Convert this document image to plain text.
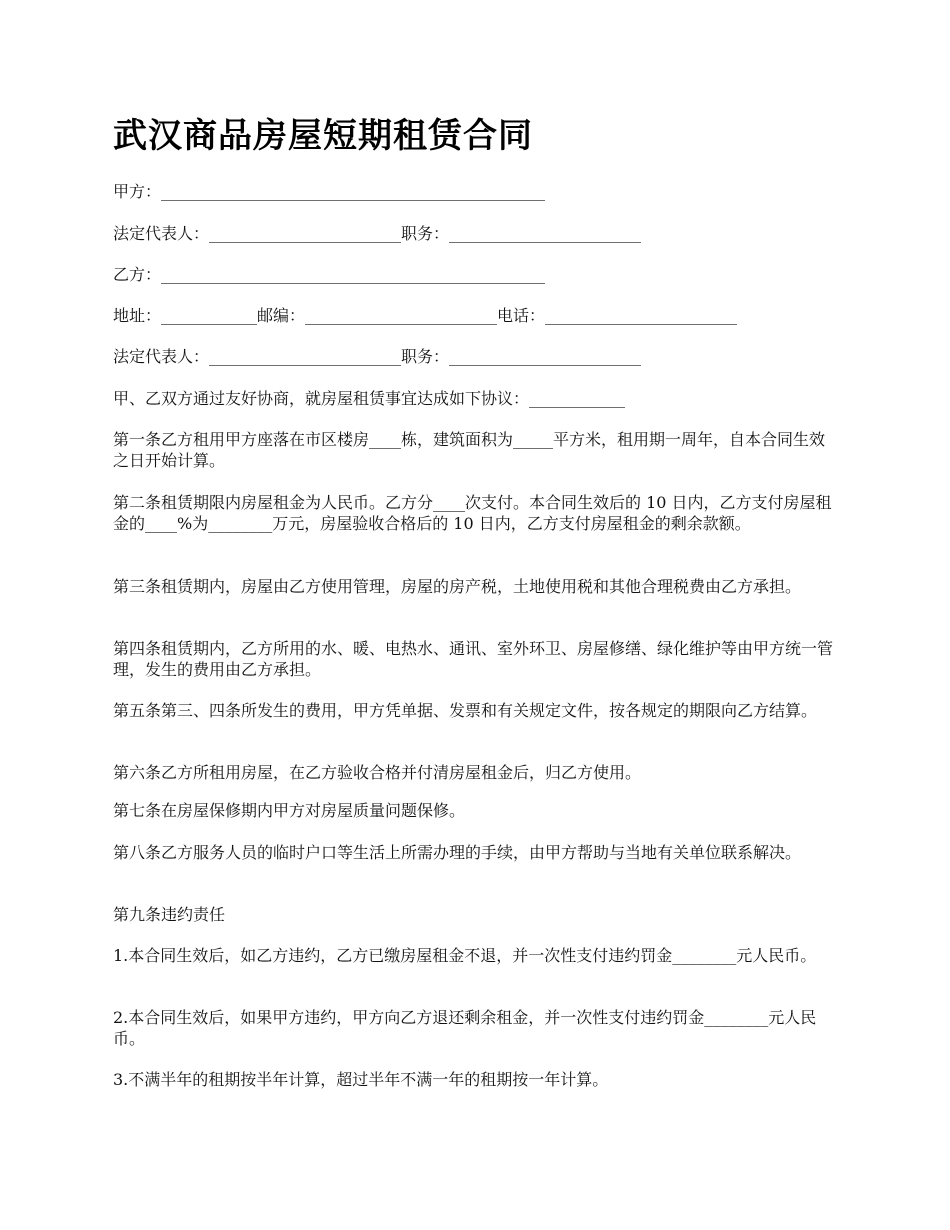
武汉商品房屋短期租赁合同

甲方：________________________________________________

法定代表人：________________________职务：________________________

乙方：________________________________________________

地址：____________邮编：________________________电话：________________________

法定代表人：________________________职务：________________________

甲、乙双方通过友好协商，就房屋租赁事宜达成如下协议：____________

第一条乙方租用甲方座落在市区楼房____栋，建筑面积为_____平方米，租用期一周年，自本合同生效之日开始计算。

第二条租赁期限内房屋租金为人民币。乙方分____次支付。本合同生效后的 10 日内，乙方支付房屋租金的____%为________万元，房屋验收合格后的 10 日内，乙方支付房屋租金的剩余款额。

第三条租赁期内，房屋由乙方使用管理，房屋的房产税，土地使用税和其他合理税费由乙方承担。

第四条租赁期内，乙方所用的水、暖、电热水、通讯、室外环卫、房屋修缮、绿化维护等由甲方统一管理，发生的费用由乙方承担。

第五条第三、四条所发生的费用，甲方凭单据、发票和有关规定文件，按各规定的期限向乙方结算。

第六条乙方所租用房屋，在乙方验收合格并付清房屋租金后，归乙方使用。

第七条在房屋保修期内甲方对房屋质量问题保修。

第八条乙方服务人员的临时户口等生活上所需办理的手续，由甲方帮助与当地有关单位联系解决。

第九条违约责任

1.本合同生效后，如乙方违约，乙方已缴房屋租金不退，并一次性支付违约罚金________元人民币。

2.本合同生效后，如果甲方违约，甲方向乙方退还剩余租金，并一次性支付违约罚金________元人民币。

3.不满半年的租期按半年计算，超过半年不满一年的租期按一年计算。
